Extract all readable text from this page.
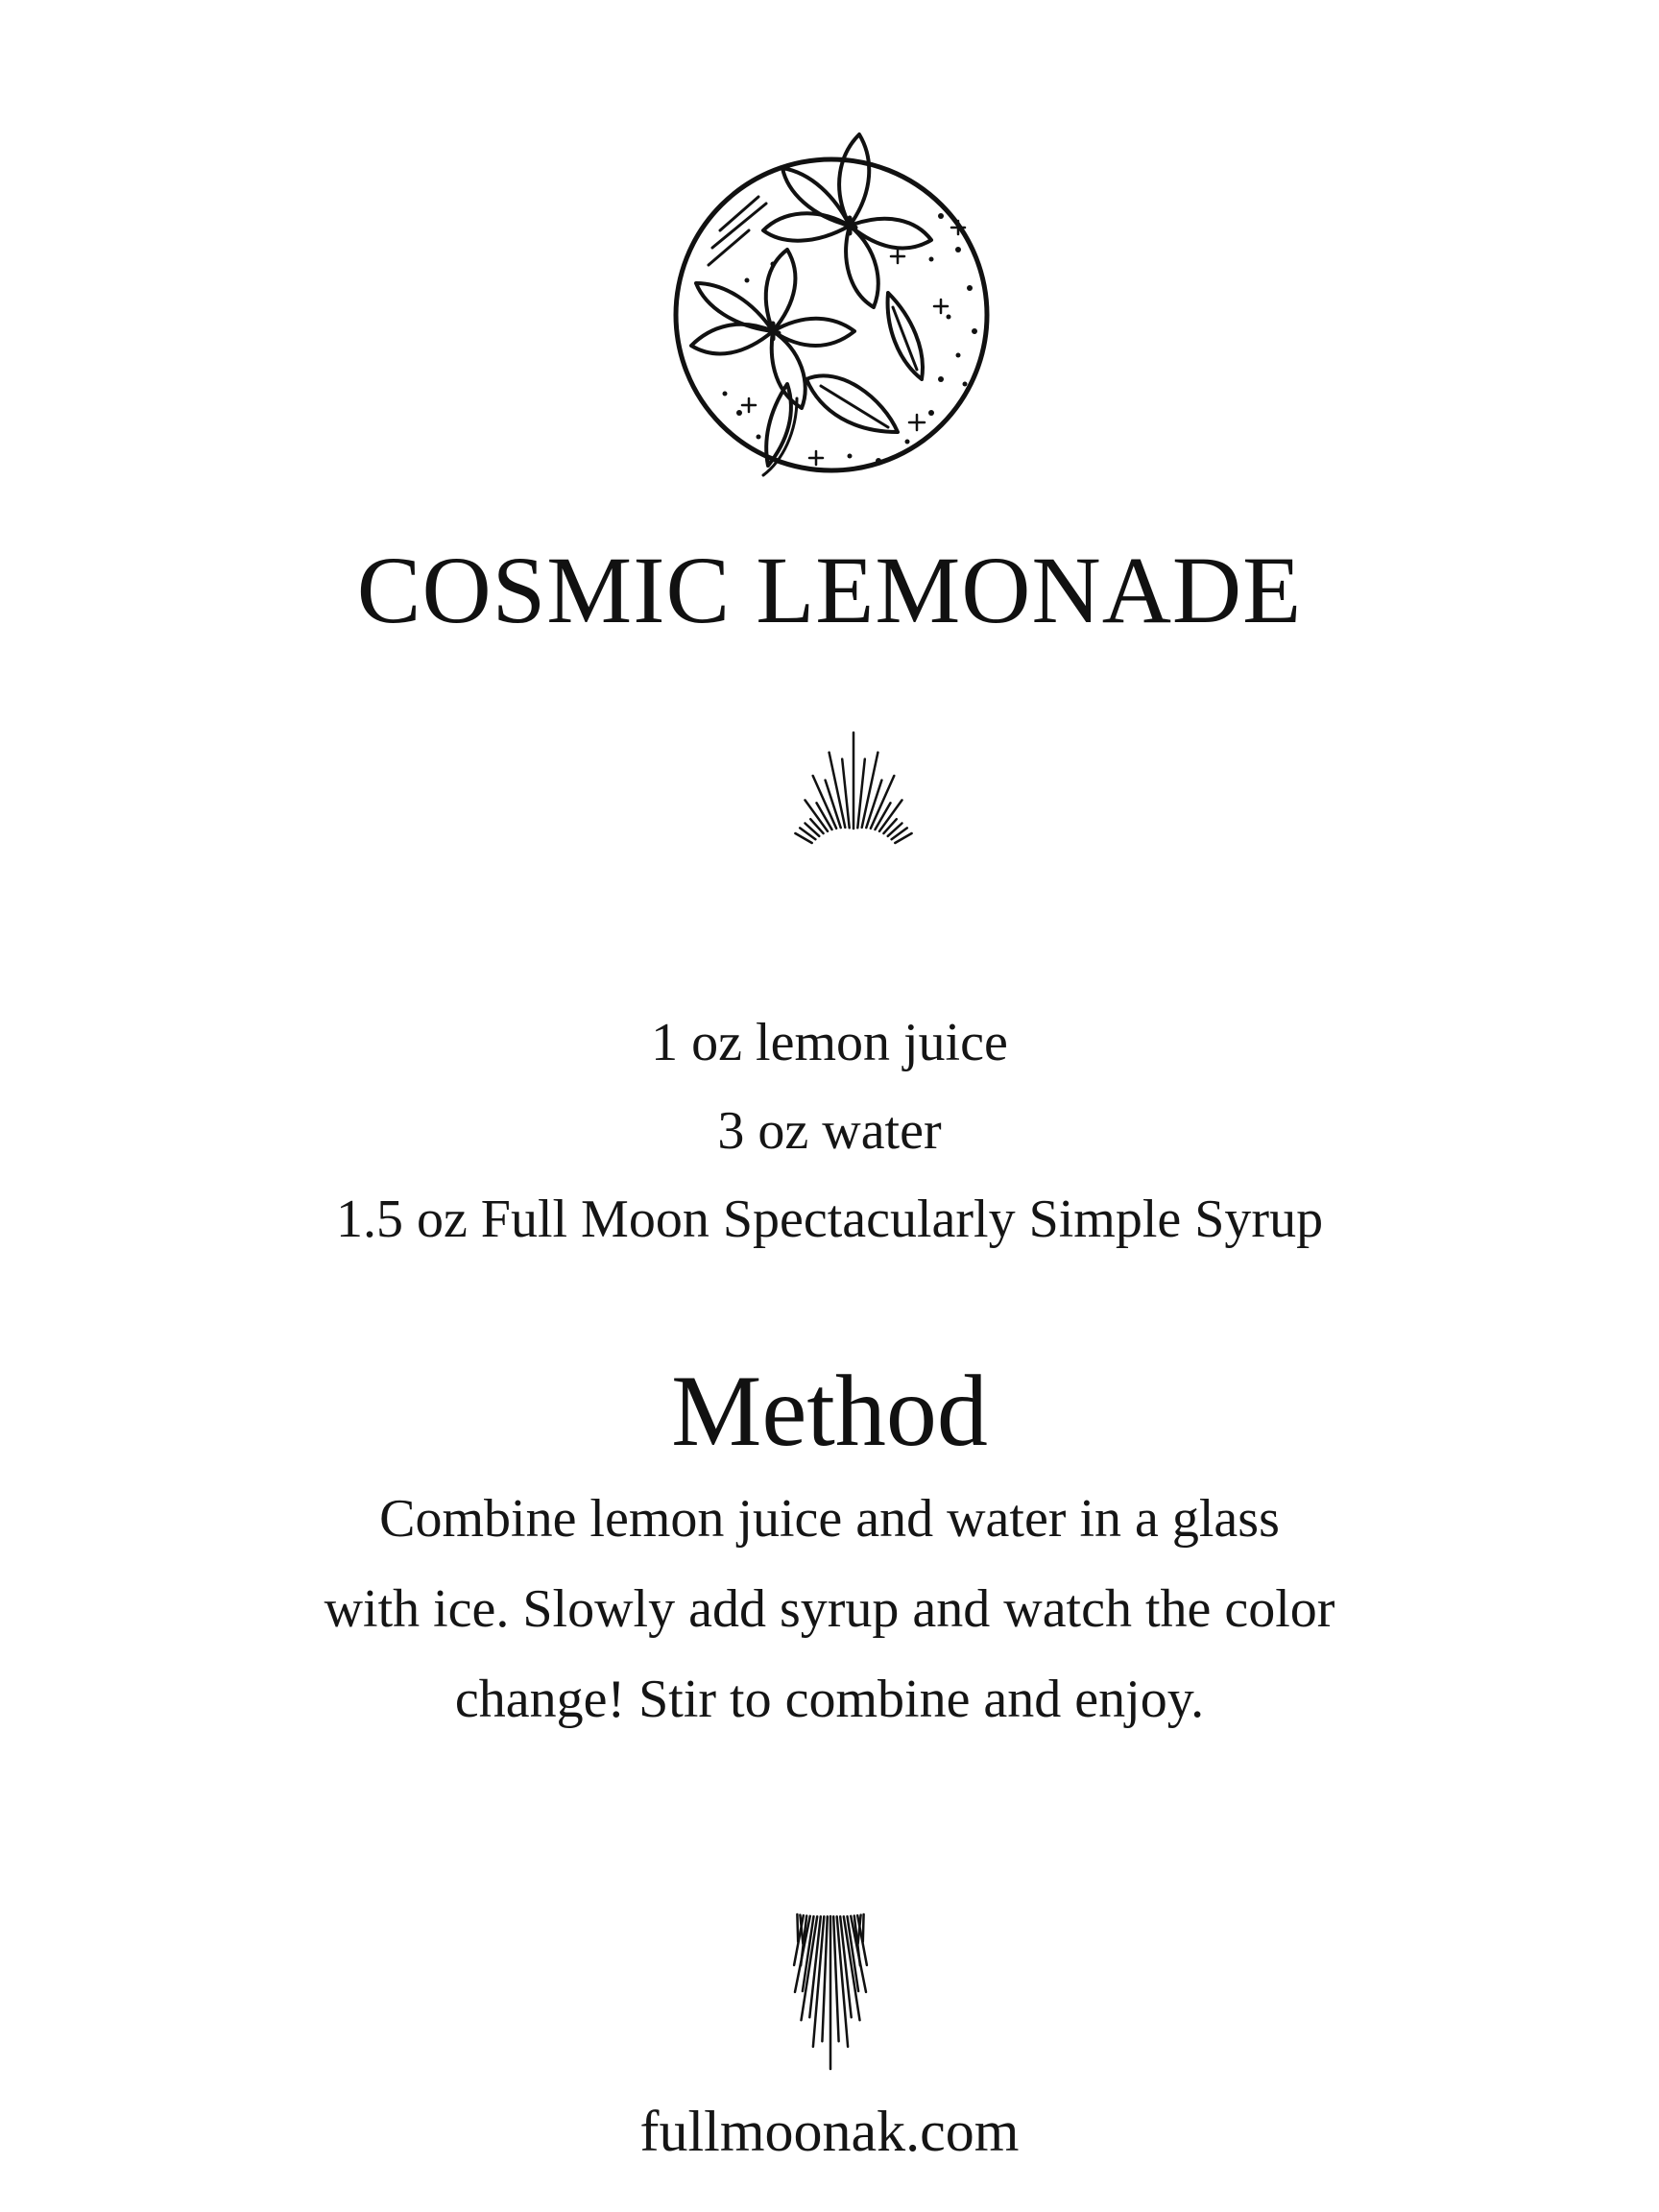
COSMIC LEMONADE
1 oz lemon juice
3 oz water
1.5 oz Full Moon Spectacularly Simple Syrup
Method
Combine lemon juice and water in a glass
with ice. Slowly add syrup and watch the color
change! Stir to combine and enjoy.
fullmoonak.com
